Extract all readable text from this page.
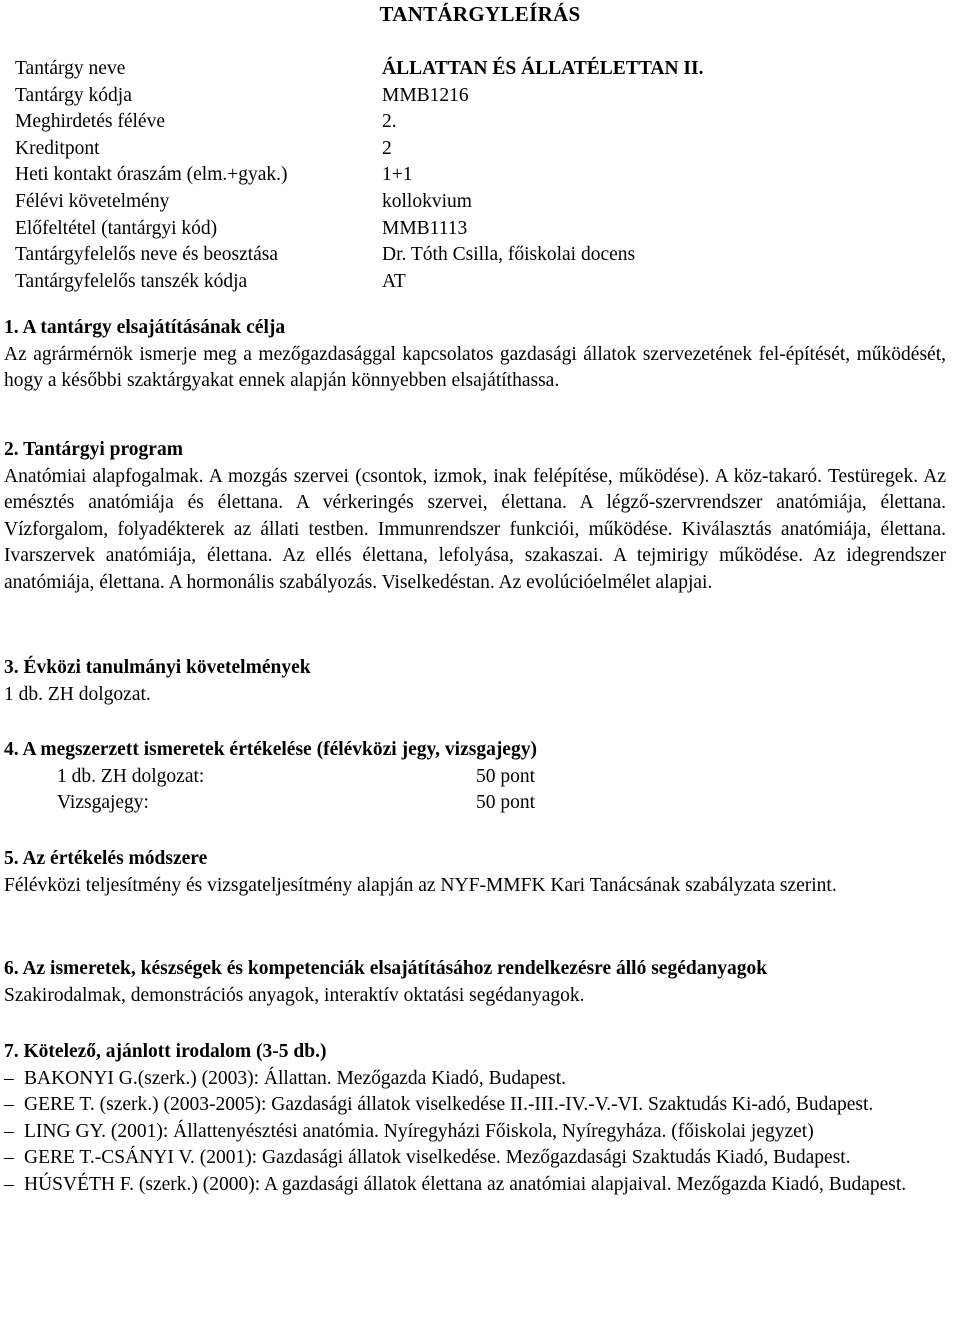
TANTÁRGYLEÍRÁS
Tantárgy neve	ÁLLATTAN ÉS ÁLLATÉLETTAN II.
Tantárgy kódja	MMB1216
Meghirdetés féléve	2.
Kreditpont	2
Heti kontakt óraszám (elm.+gyak.)	1+1
Félévi követelmény	kollokvium
Előfeltétel (tantárgyi kód)	MMB1113
Tantárgyfelelős neve és beosztása	Dr. Tóth Csilla, főiskolai docens
Tantárgyfelelős tanszék kódja	AT
1. A tantárgy elsajátításának célja
Az agrármérnök ismerje meg a mezőgazdasággal kapcsolatos gazdasági állatok szervezetének fel-építését, működését, hogy a későbbi szaktárgyakat ennek alapján könnyebben elsajátíthassa.
2. Tantárgyi program
Anatómiai alapfogalmak. A mozgás szervei (csontok, izmok, inak felépítése, működése). A köz-takaró. Testüregek. Az emésztés anatómiája és élettana. A vérkeringés szervei, élettana. A légző-szervrendszer anatómiája, élettana. Vízforgalom, folyadékterek az állati testben. Immunrendszer funkciói, működése. Kiválasztás anatómiája, élettana. Ivarszervek anatómiája, élettana. Az ellés élettana, lefolyása, szakaszai. A tejmirigy működése. Az idegrendszer anatómiája, élettana. A hormonális szabályozás. Viselkedéstan. Az evolúcióelmélet alapjai.
3. Évközi tanulmányi követelmények
1 db. ZH dolgozat.
4. A megszerzett ismeretek értékelése (félévközi jegy, vizsgajegy)
1 db. ZH dolgozat:	50 pont
Vizsgajegy:	50 pont
5. Az értékelés módszere
Félévközi teljesítmény és vizsgateljesítmény alapján az NYF-MMFK Kari Tanácsának szabályzata szerint.
6. Az ismeretek, készségek és kompetenciák elsajátításához rendelkezésre álló segédanyagok
Szakirodalmak, demonstrációs anyagok, interaktív oktatási segédanyagok.
7. Kötelező, ajánlott irodalom (3-5 db.)
– BAKONYI G.(szerk.) (2003): Állattan. Mezőgazda Kiadó, Budapest.
– GERE T. (szerk.) (2003-2005): Gazdasági állatok viselkedése II.-III.-IV.-V.-VI. Szaktudás Ki-adó, Budapest.
– LING GY. (2001): Állattenyésztési anatómia. Nyíregyházi Főiskola, Nyíregyháza. (főiskolai jegyzet)
– GERE T.-CSÁNYI V. (2001): Gazdasági állatok viselkedése. Mezőgazdasági Szaktudás Kiadó, Budapest.
– HÚSVÉTH F. (szerk.) (2000): A gazdasági állatok élettana az anatómiai alapjaival. Mezőgazda Kiadó, Budapest.
